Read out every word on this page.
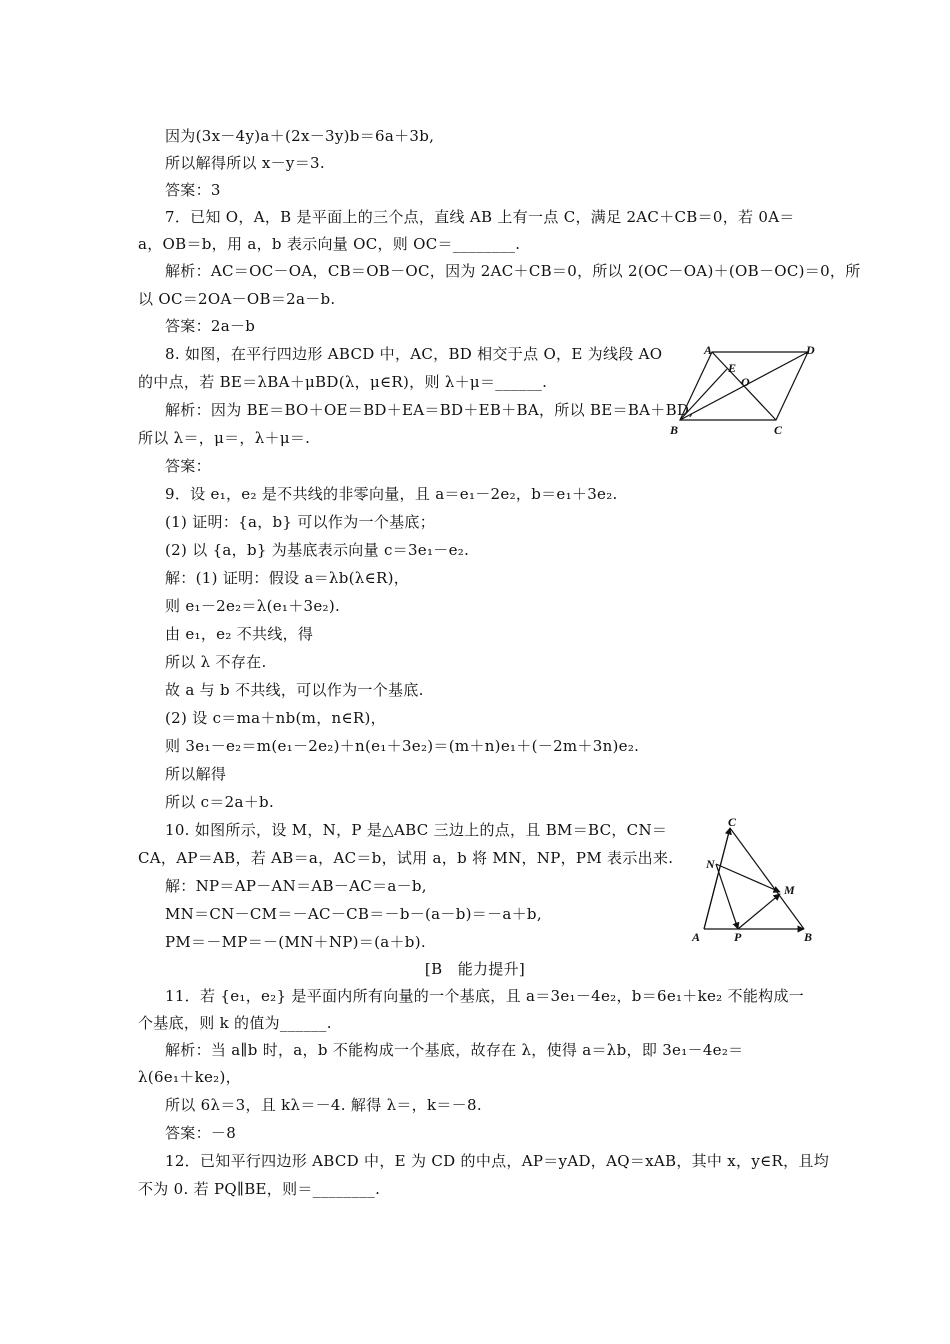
因为(3x－4y)a＋(2x－3y)b＝6a＋3b,
所以解得所以 x－y＝3.
答案：3
7．已知 O，A，B 是平面上的三个点，直线 AB 上有一点 C，满足 2AC＋CB＝0，若 0A＝
a，OB＝b，用 a，b 表示向量 OC，则 OC＝________.
解析：AC＝OC－OA，CB＝OB－OC，因为 2AC＋CB＝0，所以 2(OC－OA)＋(OB－OC)＝0，所
以 OC＝2OA－OB＝2a－b.
答案：2a－b
8. 如图，在平行四边形 ABCD 中，AC，BD 相交于点 O，E 为线段 AO
的中点，若 BE＝λBA＋μBD(λ，μ∈R)，则 λ＋μ＝______.
解析：因为 BE＝BO＋OE＝BD＋EA＝BD＋EB＋BA，所以 BE＝BA＋BD,
所以 λ＝，μ＝，λ＋μ＝.
答案：
9．设 e₁，e₂ 是不共线的非零向量，且 a＝e₁－2e₂，b＝e₁＋3e₂.
(1) 证明：{a，b} 可以作为一个基底；
(2) 以 {a，b} 为基底表示向量 c＝3e₁－e₂.
解：(1) 证明：假设 a＝λb(λ∈R)，
则 e₁－2e₂＝λ(e₁＋3e₂).
由 e₁，e₂ 不共线，得
所以 λ 不存在.
故 a 与 b 不共线，可以作为一个基底.
(2) 设 c＝ma＋nb(m，n∈R)，
则 3e₁－e₂＝m(e₁－2e₂)＋n(e₁＋3e₂)＝(m＋n)e₁＋(－2m＋3n)e₂.
所以解得
所以 c＝2a＋b.
10. 如图所示，设 M，N，P 是△ABC 三边上的点，且 BM＝BC，CN＝
CA，AP＝AB，若 AB＝a，AC＝b，试用 a，b 将 MN，NP，PM 表示出来.
解：NP＝AP－AN＝AB－AC＝a－b,
MN＝CN－CM＝－AC－CB＝－b－(a－b)＝－a＋b,
PM＝－MP＝－(MN＋NP)＝(a＋b).
[B　能力提升]
11．若 {e₁，e₂} 是平面内所有向量的一个基底，且 a＝3e₁－4e₂，b＝6e₁＋ke₂ 不能构成一
个基底，则 k 的值为______.
解析：当 a∥b 时，a，b 不能构成一个基底，故存在 λ，使得 a＝λb，即 3e₁－4e₂＝
λ(6e₁＋ke₂)，
所以 6λ＝3，且 kλ＝－4. 解得 λ＝，k＝－8.
答案：－8
12．已知平行四边形 ABCD 中，E 为 CD 的中点，AP＝yAD，AQ＝xAB，其中 x，y∈R，且均
不为 0. 若 PQ∥BE，则＝________.
A	D
E
O
B	C
C
N
M
A	P	B
